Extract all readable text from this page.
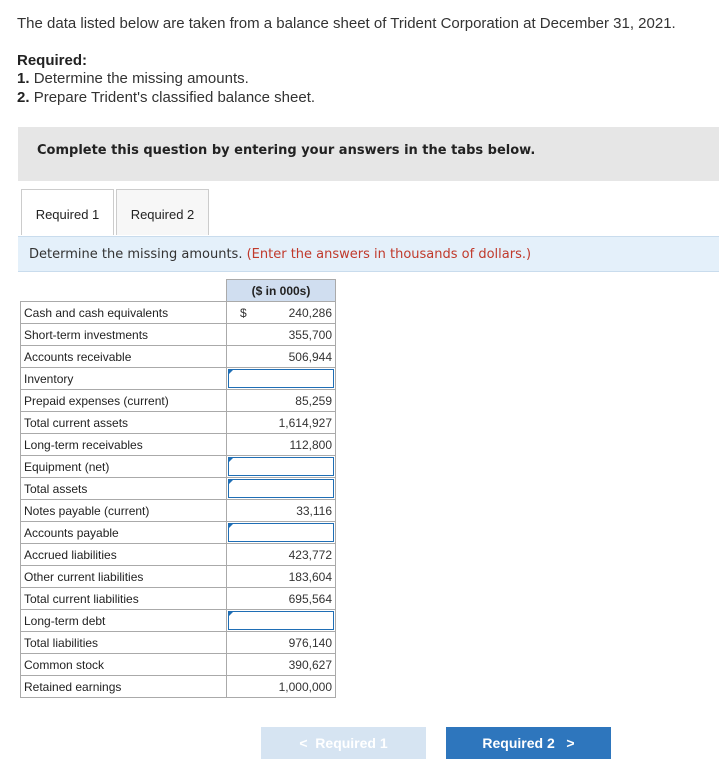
The data listed below are taken from a balance sheet of Trident Corporation at December 31, 2021.
Required:
1. Determine the missing amounts.
2. Prepare Trident's classified balance sheet.
Complete this question by entering your answers in the tabs below.
Required 1	Required 2
Determine the missing amounts. (Enter the answers in thousands of dollars.)
	($ in 000s)
Cash and cash equivalents	$ 240,286
Short-term investments	355,700
Accounts receivable	506,944
Inventory	

Prepaid expenses (current)	85,259
Total current assets	1,614,927
Long-term receivables	112,800
Equipment (net)	

Total assets	

Notes payable (current)	33,116
Accounts payable	

Accrued liabilities	423,772
Other current liabilities	183,604
Total current liabilities	695,564
Long-term debt	

Total liabilities	976,140
Common stock	390,627
Retained earnings	1,000,000
< Required 1	Required 2 >
